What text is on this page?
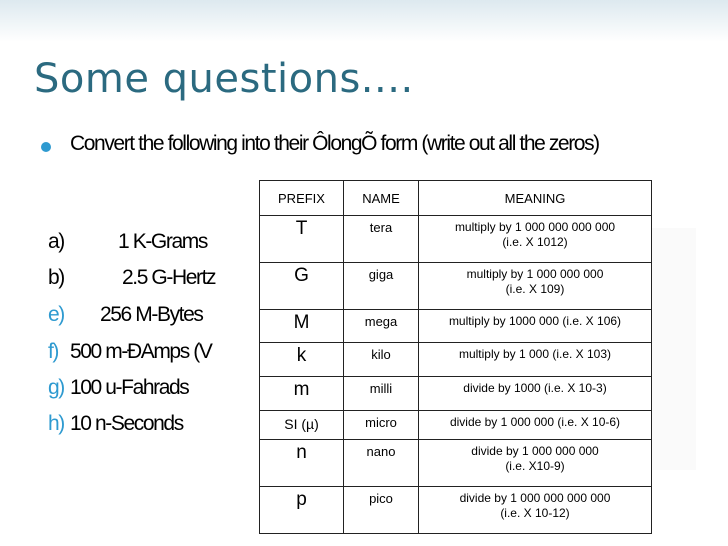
Some questions....

Convert the following into their ÔlongÕ form (write out all the zeros)

a)	1 K-Grams
b)	2.5 G-Hertz
e) 256 M-Bytes
f) 500 m-ÐAmps (V
g) 100 u-Fahrads
h) 10 n-Seconds
PREFIX	NAME	MEANING
T	tera	multiply by 1 000 000 000 000
(i.e. X 1012)

G	giga	multiply by 1 000 000 000
(i.e. X 109)

M	mega	multiply by 1000 000 (i.e. X 106)

k	kilo	multiply by 1 000 (i.e. X 103)

m	milli	divide by 1000 (i.e. X 10-3)

SI (µ)	micro	divide by 1 000 000 (i.e. X 10-6)

n	nano	divide by 1 000 000 000
(i.e. X10-9)

p	pico	divide by 1 000 000 000 000
(i.e. X 10-12)
